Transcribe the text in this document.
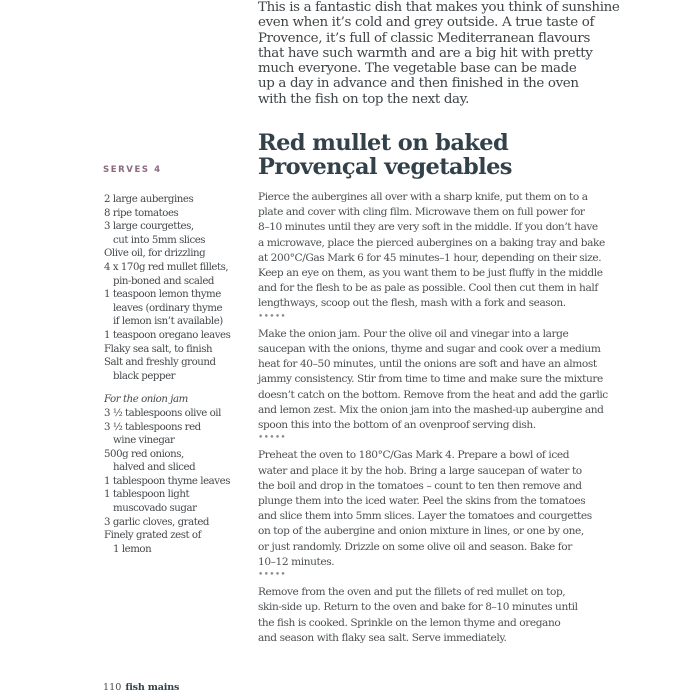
This is a fantastic dish that makes you think of sunshine
even when it’s cold and grey outside. A true taste of
Provence, it’s full of classic Mediterranean flavours
that have such warmth and are a big hit with pretty
much everyone. The vegetable base can be made
up a day in advance and then finished in the oven
with the fish on top the next day.
Red mullet on baked
Provençal vegetables
SERVES 4
2 large aubergines
8 ripe tomatoes
3 large courgettes,
cut into 5mm slices
Olive oil, for drizzling
4 x 170g red mullet fillets,
pin-boned and scaled
1 teaspoon lemon thyme
leaves (ordinary thyme
if lemon isn’t available)
1 teaspoon oregano leaves
Flaky sea salt, to finish
Salt and freshly ground
black pepper
For the onion jam
3 ½ tablespoons olive oil
3 ½ tablespoons red
wine vinegar
500g red onions,
halved and sliced
1 tablespoon thyme leaves
1 tablespoon light
muscovado sugar
3 garlic cloves, grated
Finely grated zest of
1 lemon
Pierce the aubergines all over with a sharp knife, put them on to a
plate and cover with cling film. Microwave them on full power for
8–10 minutes until they are very soft in the middle. If you don’t have
a microwave, place the pierced aubergines on a baking tray and bake
at 200°C/Gas Mark 6 for 45 minutes–1 hour, depending on their size.
Keep an eye on them, as you want them to be just fluffy in the middle
and for the flesh to be as pale as possible. Cool then cut them in half
lengthways, scoop out the flesh, mash with a fork and season.
•••••
Make the onion jam. Pour the olive oil and vinegar into a large
saucepan with the onions, thyme and sugar and cook over a medium
heat for 40–50 minutes, until the onions are soft and have an almost
jammy consistency. Stir from time to time and make sure the mixture
doesn’t catch on the bottom. Remove from the heat and add the garlic
and lemon zest. Mix the onion jam into the mashed-up aubergine and
spoon this into the bottom of an ovenproof serving dish.
•••••
Preheat the oven to 180°C/Gas Mark 4. Prepare a bowl of iced
water and place it by the hob. Bring a large saucepan of water to
the boil and drop in the tomatoes – count to ten then remove and
plunge them into the iced water. Peel the skins from the tomatoes
and slice them into 5mm slices. Layer the tomatoes and courgettes
on top of the aubergine and onion mixture in lines, or one by one,
or just randomly. Drizzle on some olive oil and season. Bake for
10–12 minutes.
•••••
Remove from the oven and put the fillets of red mullet on top,
skin-side up. Return to the oven and bake for 8–10 minutes until
the fish is cooked. Sprinkle on the lemon thyme and oregano
and season with flaky sea salt. Serve immediately.
110 fish mains
